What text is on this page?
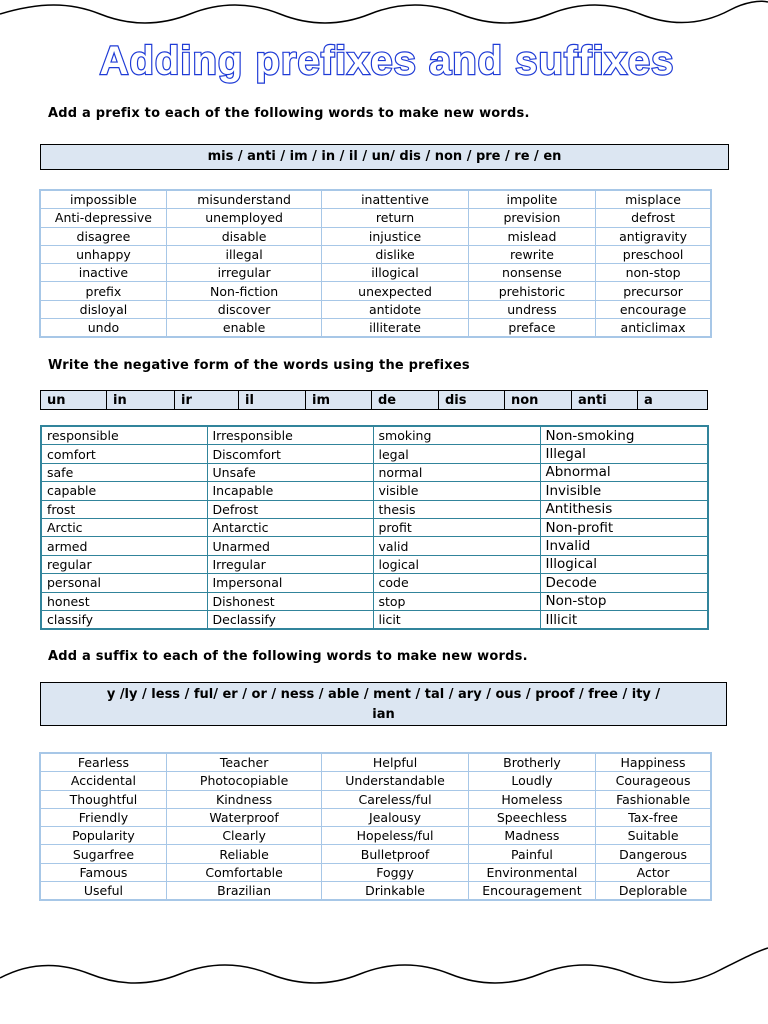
Adding prefixes and suffixes
Add a prefix to each of the following words to make new words.
mis / anti / im / in / il / un/ dis / non / pre / re / en
impossible	misunderstand	inattentive	impolite	misplace
Anti-depressive	unemployed	return	prevision	defrost
disagree	disable	injustice	mislead	antigravity
unhappy	illegal	dislike	rewrite	preschool
inactive	irregular	illogical	nonsense	non-stop
prefix	Non-fiction	unexpected	prehistoric	precursor
disloyal	discover	antidote	undress	encourage
undo	enable	illiterate	preface	anticlimax
Write the negative form of the words using the prefixes
un	in	ir	il	im	de	dis	non	anti	a
responsible	Irresponsible	smoking	Non-smoking
comfort	Discomfort	legal	Illegal
safe	Unsafe	normal	Abnormal
capable	Incapable	visible	Invisible
frost	Defrost	thesis	Antithesis
Arctic	Antarctic	profit	Non-profit
armed	Unarmed	valid	Invalid
regular	Irregular	logical	Illogical
personal	Impersonal	code	Decode
honest	Dishonest	stop	Non-stop
classify	Declassify	licit	Illicit
Add a suffix to each of the following words to make new words.
y /ly / less / ful/ er / or / ness / able / ment / tal / ary / ous / proof / free / ity /
ian
Fearless	Teacher	Helpful	Brotherly	Happiness
Accidental	Photocopiable	Understandable	Loudly	Courageous
Thoughtful	Kindness	Careless/ful	Homeless	Fashionable
Friendly	Waterproof	Jealousy	Speechless	Tax-free
Popularity	Clearly	Hopeless/ful	Madness	Suitable
Sugarfree	Reliable	Bulletproof	Painful	Dangerous
Famous	Comfortable	Foggy	Environmental	Actor
Useful	Brazilian	Drinkable	Encouragement	Deplorable
